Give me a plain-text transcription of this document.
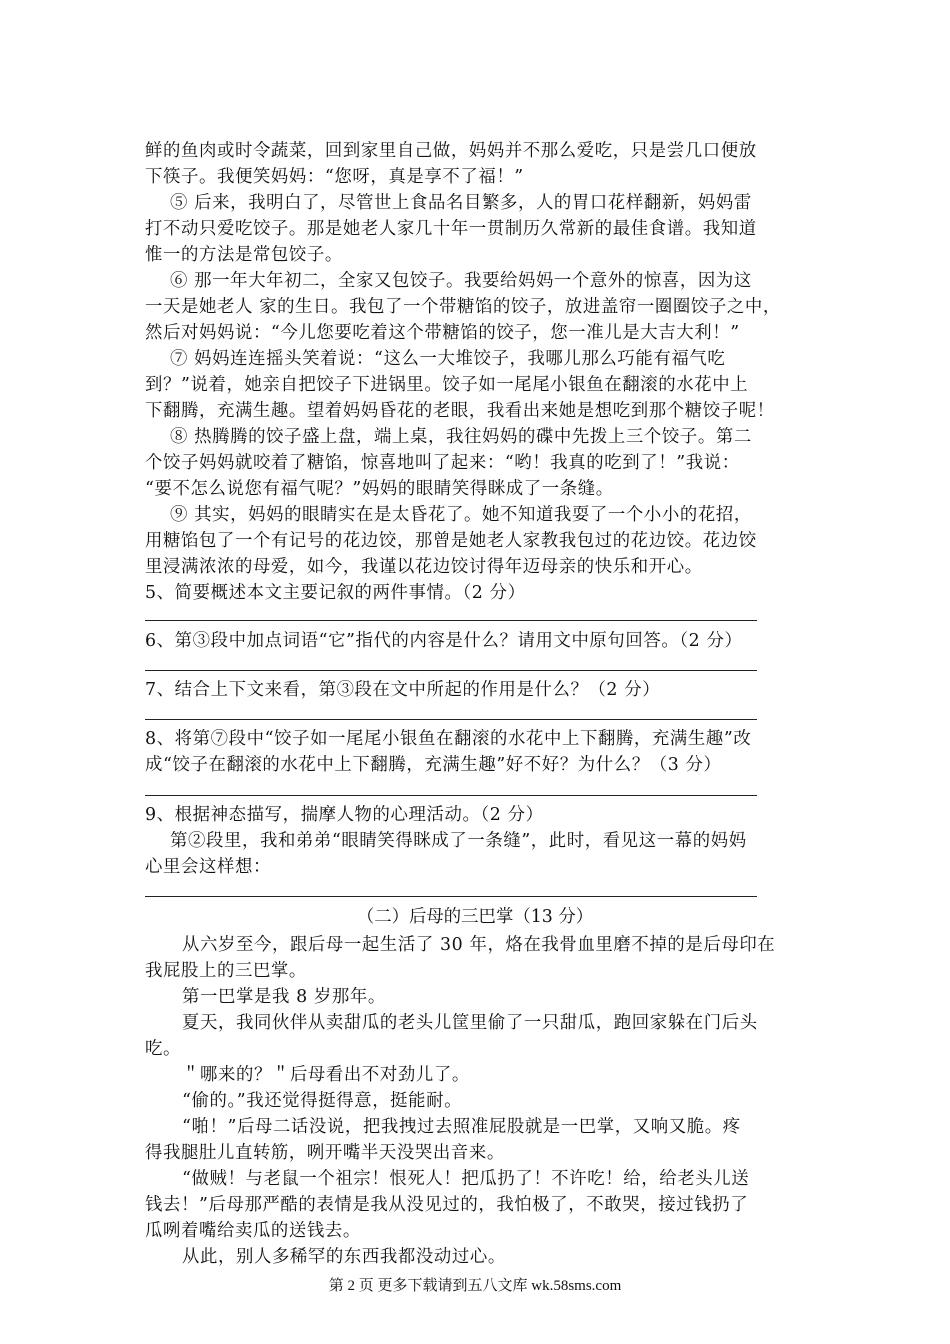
鲜的鱼肉或时令蔬菜，回到家里自己做，妈妈并不那么爱吃，只是尝几口便放
下筷子。我便笑妈妈：“您呀，真是享不了福！”
⑤ 后来，我明白了，尽管世上食品名目繁多，人的胃口花样翻新，妈妈雷
打不动只爱吃饺子。那是她老人家几十年一贯制历久常新的最佳食谱。我知道
惟一的方法是常包饺子。
⑥ 那一年大年初二，全家又包饺子。我要给妈妈一个意外的惊喜，因为这
一天是她老人 家的生日。我包了一个带糖馅的饺子，放进盖帘一圈圈饺子之中，
然后对妈妈说：“今儿您要吃着这个带糖馅的饺子，您一准儿是大吉大利！”
⑦ 妈妈连连摇头笑着说：“这么一大堆饺子，我哪儿那么巧能有福气吃
到？”说着，她亲自把饺子下进锅里。饺子如一尾尾小银鱼在翻滚的水花中上
下翻腾，充满生趣。望着妈妈昏花的老眼，我看出来她是想吃到那个糖饺子呢！
⑧ 热腾腾的饺子盛上盘，端上桌，我往妈妈的碟中先拨上三个饺子。第二
个饺子妈妈就咬着了糖馅，惊喜地叫了起来：“哟！我真的吃到了！”我说：
“要不怎么说您有福气呢？”妈妈的眼睛笑得眯成了一条缝。
⑨ 其实，妈妈的眼睛实在是太昏花了。她不知道我耍了一个小小的花招，
用糖馅包了一个有记号的花边饺，那曾是她老人家教我包过的花边饺。花边饺
里浸满浓浓的母爱，如今，我谨以花边饺讨得年迈母亲的快乐和开心。
5、简要概述本文主要记叙的两件事情。（2 分）
6、第③段中加点词语“它”指代的内容是什么？请用文中原句回答。（2 分）
7、结合上下文来看，第③段在文中所起的作用是什么？（2 分）
8、将第⑦段中“饺子如一尾尾小银鱼在翻滚的水花中上下翻腾，充满生趣”改
成“饺子在翻滚的水花中上下翻腾，充满生趣”好不好？为什么？（3 分）
9、根据神态描写，揣摩人物的心理活动。（2 分）
第②段里，我和弟弟“眼睛笑得眯成了一条缝”，此时，看见这一幕的妈妈
心里会这样想：
（二）后母的三巴掌（13 分）
从六岁至今，跟后母一起生活了 30 年，烙在我骨血里磨不掉的是后母印在
我屁股上的三巴掌。
第一巴掌是我 8 岁那年。
夏天，我同伙伴从卖甜瓜的老头儿筐里偷了一只甜瓜，跑回家躲在门后头
吃。
＂哪来的？＂后母看出不对劲儿了。
“偷的。”我还觉得挺得意，挺能耐。
“啪！”后母二话没说，把我拽过去照准屁股就是一巴掌，又响又脆。疼
得我腿肚儿直转筋，咧开嘴半天没哭出音来。
“做贼！与老鼠一个祖宗！恨死人！把瓜扔了！不许吃！给，给老头儿送
钱去！”后母那严酷的表情是我从没见过的，我怕极了，不敢哭，接过钱扔了
瓜咧着嘴给卖瓜的送钱去。
从此，别人多稀罕的东西我都没动过心。
第 2 页 更多下载请到五八文库 wk.58sms.com
